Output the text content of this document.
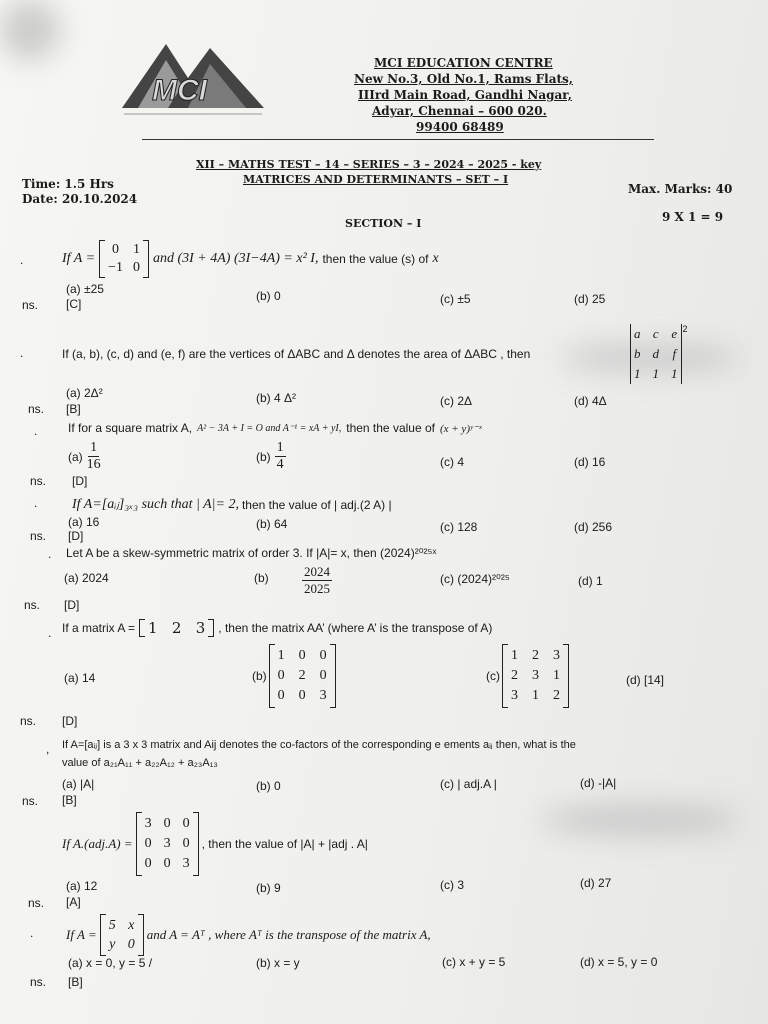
MCI
MCI EDUCATION CENTRE
New No.3, Old No.1, Rams Flats,
IIIrd Main Road, Gandhi Nagar,
Adyar, Chennai – 600 020.
99400 68489
XII – MATHS TEST – 14 – SERIES – 3 – 2024 – 2025 - key
MATRICES AND DETERMINANTS – SET – I
Time: 1.5 Hrs
Date: 20.10.2024
Max. Marks: 40
SECTION – I	9 X 1 = 9
.	If A =
0 1
−1 0
and (3I + 4A) (3I−4A) = x² I, then the value (s) of x
(a) ±25	(b) 0	(c) ±5	(d) 25
ns. [C]
.	If (a, b), (c, d) and (e, f) are the vertices of ΔABC and Δ denotes the area of ΔABC , then
a c e
b d f
1 1 1
2
(a) 2Δ²	(b) 4 Δ²	(c) 2Δ	(d) 4Δ
ns. [B]
.	If for a square matrix A, A² − 3A + I = O and A⁻¹ = xA + yI, then the value of (x + y)ʸ⁻ˣ
$(a) \frac{1}{16}$	$(b) \frac{1}{4}$	(c) 4	(d) 16
ns. [D]
. If A=[aᵢⱼ]₃ₓ₃ such that | A|= 2, then the value of | adj.(2 A) |
(a) 16	(b) 64	(c) 128	(d) 256
ns. [D]
. Let A be a skew-symmetric matrix of order 3. If |A|= x, then (2024)²⁰²⁵ˣ
(a) 2024	(b)	$\frac{2024}{2025}$	(c) (2024)²⁰²⁵	(d) 1
ns. [D]
. If a matrix A = 1   2   3 , then the matrix AA’ (where A’ is the transpose of A)
(a) 14	(b)
1 0 0
0 2 0
0 0 3
(c)
1 2 3
2 3 1
3 1 2
(d) [14]
ns. [D]
, If A=[aᵢⱼ] is a 3 x 3 matrix and Aij denotes the co-factors of the corresponding e ements aᵢⱼ then, what is the
value of a₂₁A₁₁ + a₂₂A₁₂ + a₂₃A₁₃
(a) |A|	(b) 0	(c) | adj.A |	(d) -|A|
ns. [B]
If A.(adj.A) =
3 0 0
0 3 0
0 0 3
, then the value of |A| + |adj . A|
(a) 12	(b) 9	(c) 3	(d) 27
ns. [A]
.	If A =
5 x
y 0
and A = Aᵀ , where Aᵀ is the transpose of the matrix A,
(a) x = 0, y = 5 /	(b) x = y	(c) x + y = 5	(d) x = 5, y = 0
ns. [B]
